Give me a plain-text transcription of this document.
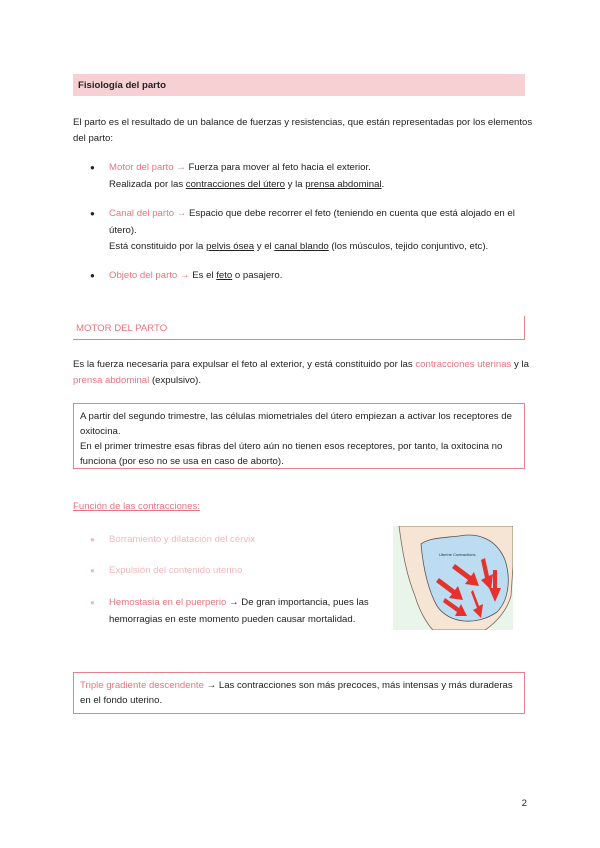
Fisiología del parto
El parto es el resultado de un balance de fuerzas y resistencias, que están representadas por los elementos del parto:
● Motor del parto → Fuerza para mover al feto hacia el exterior.
Realizada por las contracciones del útero y la prensa abdominal.
● Canal del parto → Espacio que debe recorrer el feto (teniendo en cuenta que está alojado en el útero).
Está constituido por la pelvis ósea y el canal blando (los músculos, tejido conjuntivo, etc).
● Objeto del parto → Es el feto o pasajero.
MOTOR DEL PARTO
Es la fuerza necesaria para expulsar el feto al exterior, y está constituido por las contracciones uterinas y la prensa abdominal (expulsivo).
A partir del segundo trimestre, las células miometriales del útero empiezan a activar los receptores de oxitocina.
En el primer trimestre esas fibras del útero aún no tienen esos receptores, por tanto, la oxitocina no funciona (por eso no se usa en caso de aborto).
Función de las contracciones:
● Borramiento y dilatación del cérvix
● Expulsión del contenido uterino
● Hemostasia en el puerperio → De gran importancia, pues las hemorragias en este momento pueden causar mortalidad.
Uterine Contractions
Triple gradiente descendente → Las contracciones son más precoces, más intensas y más duraderas en el fondo uterino.
2
